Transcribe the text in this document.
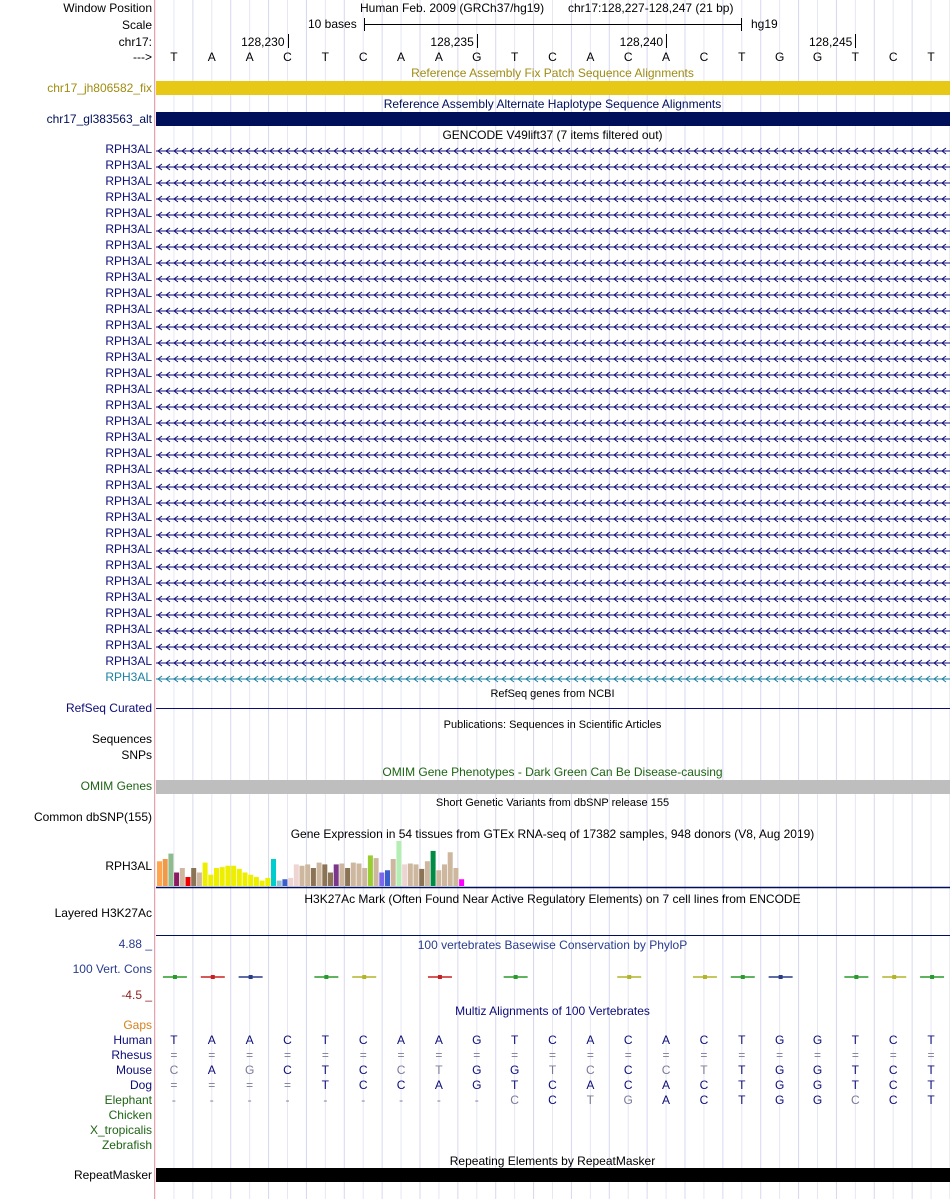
Window Position	Human Feb. 2009 (GRCh37/hg19) chr17:128,227-128,247 (21 bp)
Scale	10 bases	hg19
chr17:	128,230	128,235	128,240	128,245
--->	T	A	A	C	T	C	A	A	G	T	C	A	C	A	C	T	G	G	T	C	T
Reference Assembly Fix Patch Sequence Alignments
chr17_jh806582_fix
Reference Assembly Alternate Haplotype Sequence Alignments
chr17_gl383563_alt
GENCODE V49lift37 (7 items filtered out)
RPH3AL
RPH3AL
RPH3AL
RPH3AL
RPH3AL
RPH3AL
RPH3AL
RPH3AL
RPH3AL
RPH3AL
RPH3AL
RPH3AL
RPH3AL
RPH3AL
RPH3AL
RPH3AL
RPH3AL
RPH3AL
RPH3AL
RPH3AL
RPH3AL
RPH3AL
RPH3AL
RPH3AL
RPH3AL
RPH3AL
RPH3AL
RPH3AL
RPH3AL
RPH3AL
RPH3AL
RPH3AL
RPH3AL
RPH3AL
RefSeq genes from NCBI
RefSeq Curated
Publications: Sequences in Scientific Articles
Sequences
SNPs
OMIM Gene Phenotypes - Dark Green Can Be Disease-causing
OMIM Genes
Short Genetic Variants from dbSNP release 155
Common dbSNP(155)
Gene Expression in 54 tissues from GTEx RNA-seq of 17382 samples, 948 donors (V8, Aug 2019)
RPH3AL
H3K27Ac Mark (Often Found Near Active Regulatory Elements) on 7 cell lines from ENCODE
Layered H3K27Ac
100 vertebrates Basewise Conservation by PhyloP
4.88 _
100 Vert. Cons
-4.5 _
Multiz Alignments of 100 Vertebrates
Gaps
Human	T	A	A	C	T	C	A	A	G	T	C	A	C	A	C	T	G	G	T	C	T
Rhesus	=	=	=	=	=	=	=	=	=	=	=	=	=	=	=	=	=	=	=	=	=
Mouse	C	A	G	C	T	C	C	T	G	G	T	C	C	C	T	T	G	G	T	C	T
Dog	=	=	=	=	T	C	C	A	G	T	C	A	C	A	C	T	G	G	T	C	T
Elephant	-	-	-	-	-	-	-	-	-	C	C	T	G	A	C	T	G	G	C	C	T
Chicken
X_tropicalis
Zebrafish
Repeating Elements by RepeatMasker
RepeatMasker
